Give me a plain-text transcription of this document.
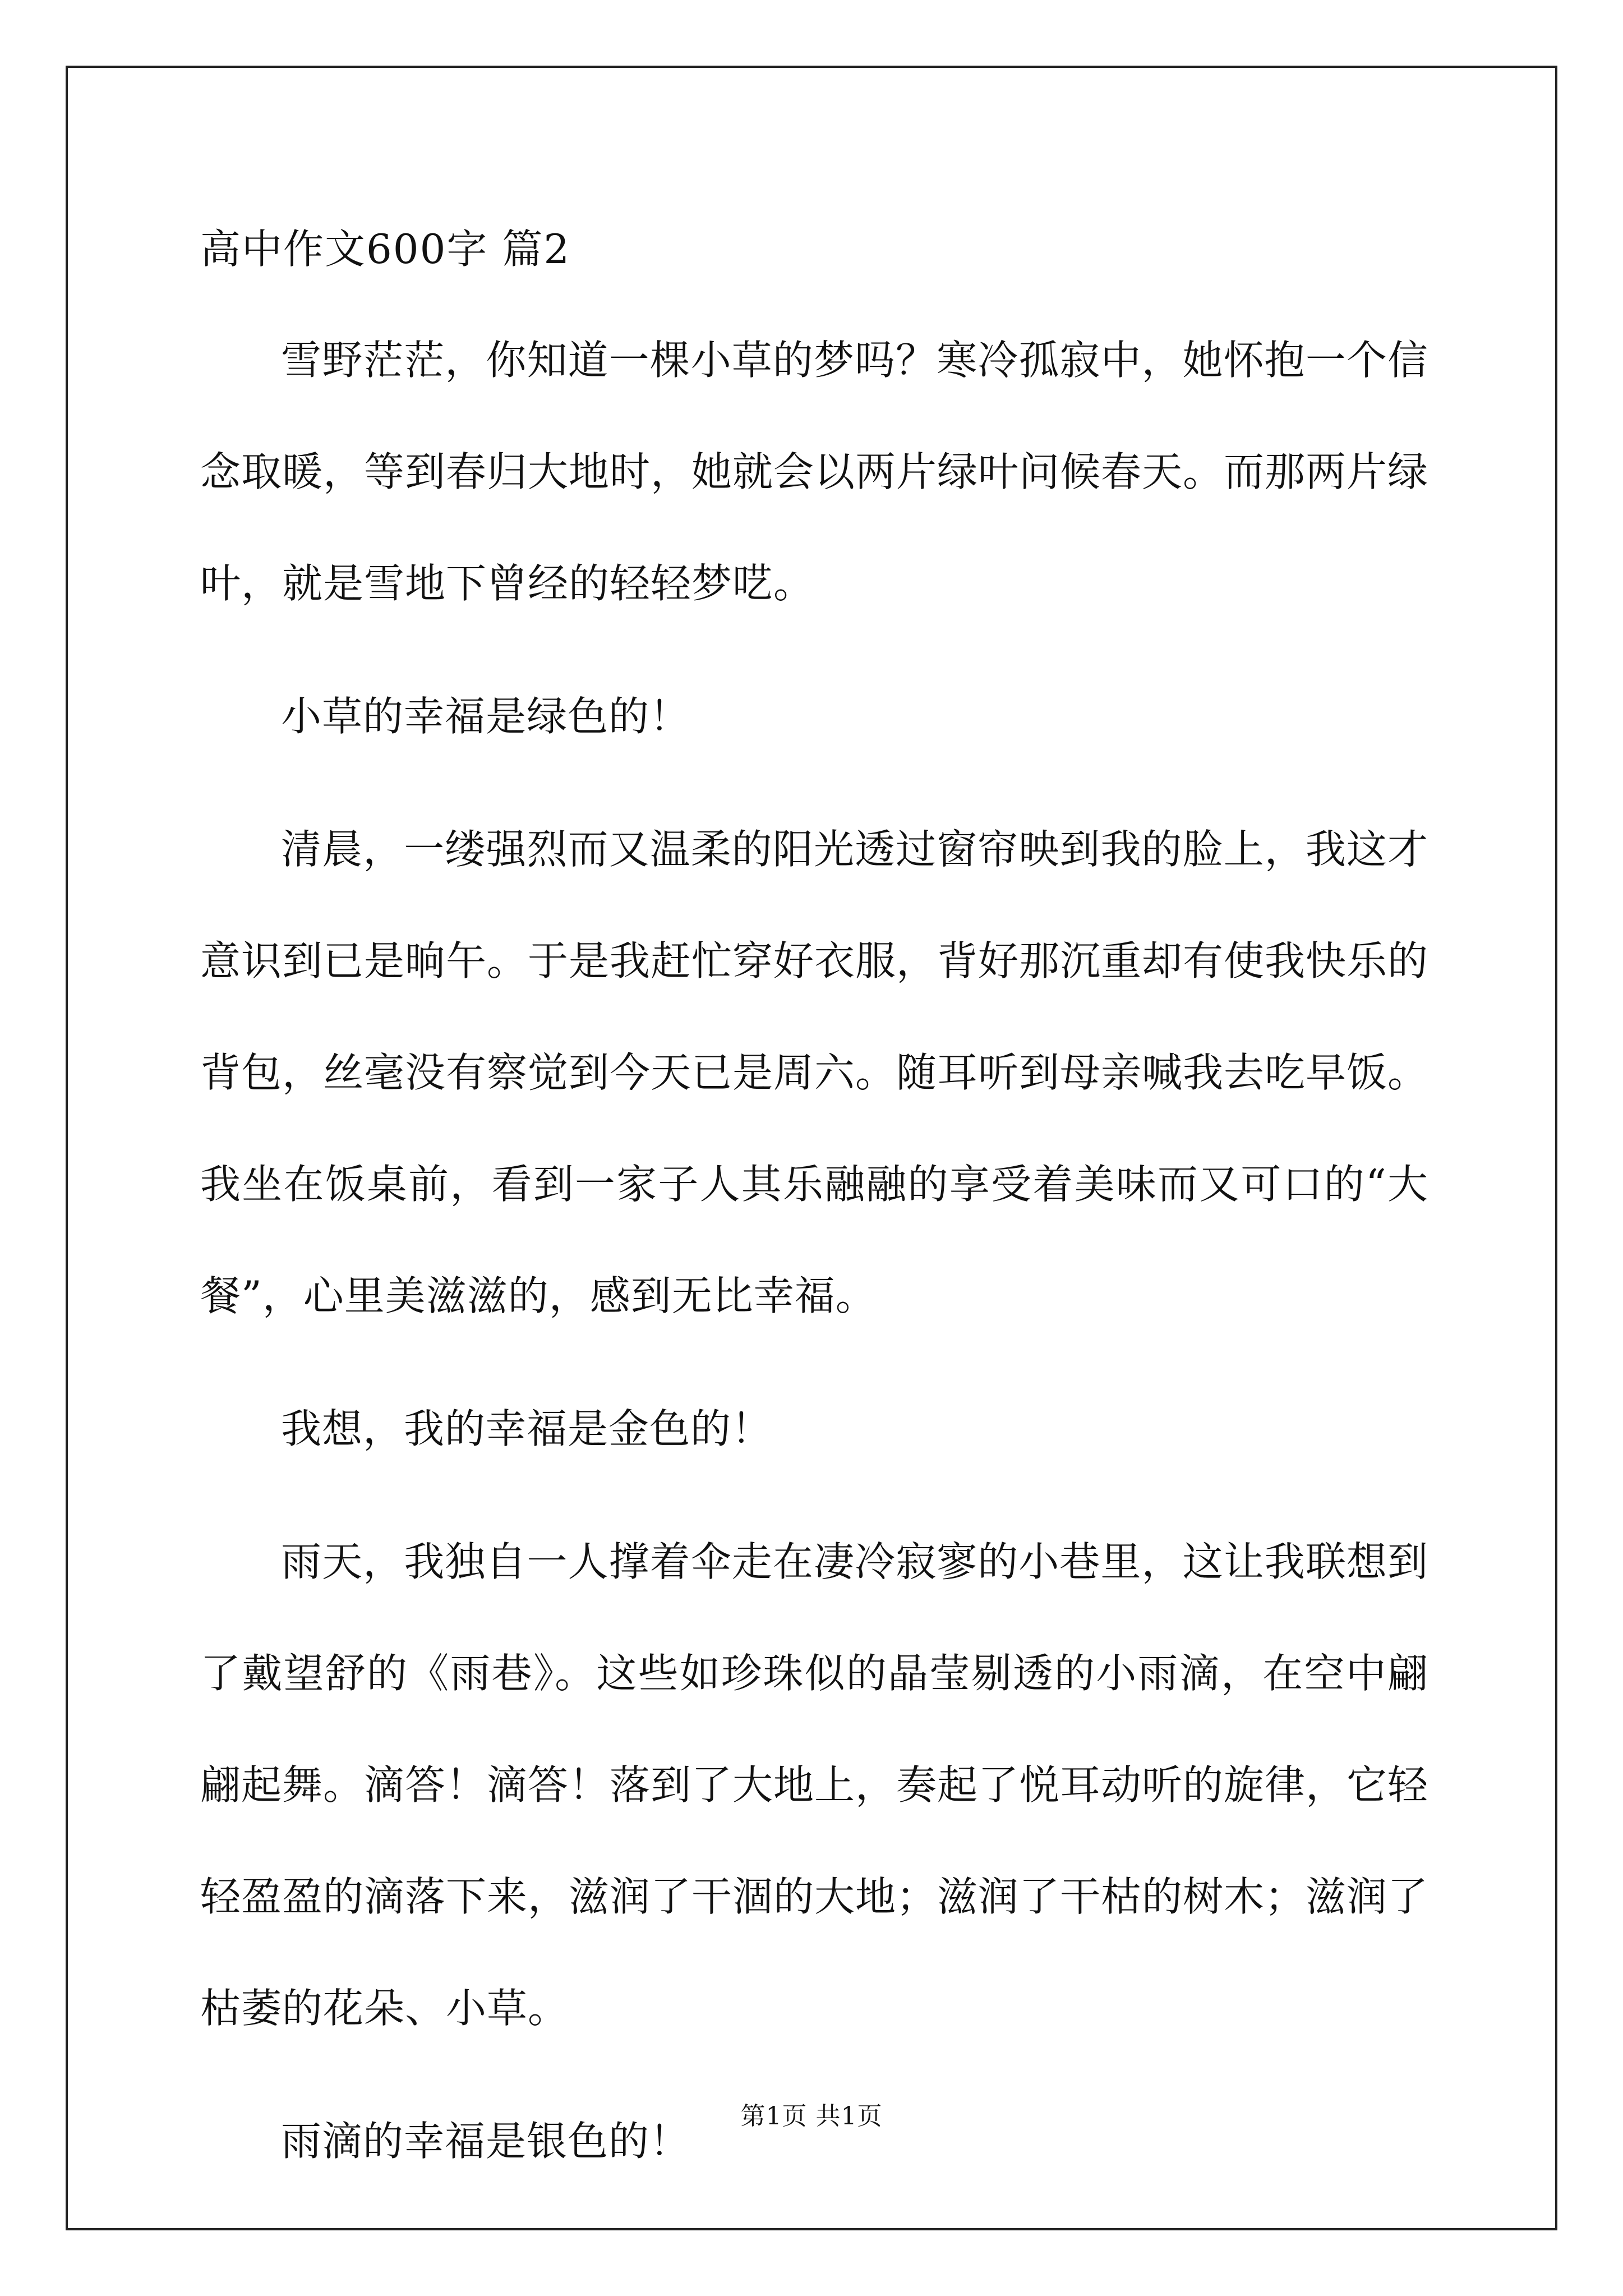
高中作文600字 篇2

雪野茫茫，你知道一棵小草的梦吗？寒冷孤寂中，她怀抱一个信念取暖，等到春归大地时，她就会以两片绿叶问候春天。而那两片绿叶，就是雪地下曾经的轻轻梦呓。

小草的幸福是绿色的！

清晨，一缕强烈而又温柔的阳光透过窗帘映到我的脸上，我这才意识到已是晌午。于是我赶忙穿好衣服，背好那沉重却有使我快乐的背包，丝毫没有察觉到今天已是周六。随耳听到母亲喊我去吃早饭。我坐在饭桌前，看到一家子人其乐融融的享受着美味而又可口的“大餐”，心里美滋滋的，感到无比幸福。

我想，我的幸福是金色的！

雨天，我独自一人撑着伞走在凄冷寂寥的小巷里，这让我联想到了戴望舒的《雨巷》。这些如珍珠似的晶莹剔透的小雨滴，在空中翩翩起舞。滴答！滴答！落到了大地上，奏起了悦耳动听的旋律，它轻轻盈盈的滴落下来，滋润了干涸的大地；滋润了干枯的树木；滋润了枯萎的花朵、小草。

雨滴的幸福是银色的！

第1页 共1页
